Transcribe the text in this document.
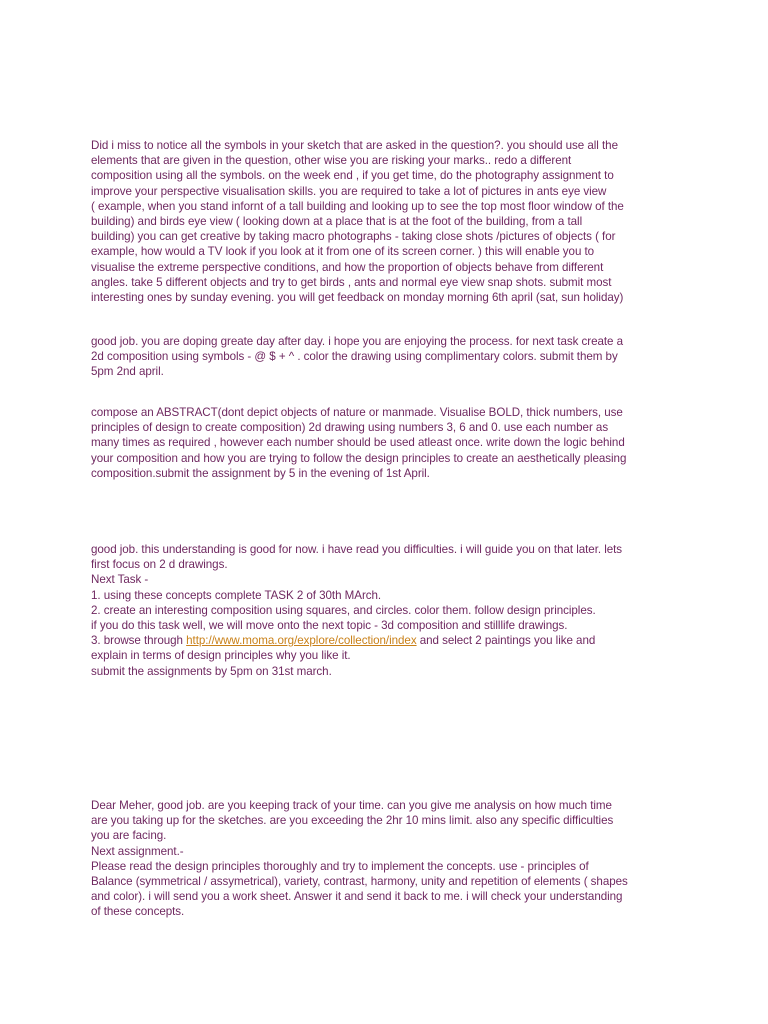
Did i miss to notice all the symbols in your sketch that are asked in the question?. you should use all the
elements that are given in the question, other wise you are risking your marks.. redo a different
composition using all the symbols. on the week end , if you get time, do the photography assignment to
improve your perspective visualisation skills. you are required to take a lot of pictures in ants eye view
( example, when you stand infornt of a tall building and looking up to see the top most floor window of the
building) and birds eye view ( looking down at a place that is at the foot of the building, from a tall
building) you can get creative by taking macro photographs - taking close shots /pictures of objects ( for
example, how would a TV look if you look at it from one of its screen corner. ) this will enable you to
visualise the extreme perspective conditions, and how the proportion of objects behave from different
angles. take 5 different objects and try to get birds , ants and normal eye view snap shots. submit most
interesting ones by sunday evening. you will get feedback on monday morning 6th april (sat, sun holiday)

good job. you are doping greate day after day. i hope you are enjoying the process. for next task create a
2d composition using symbols - @ $ + ^ . color the drawing using complimentary colors. submit them by
5pm 2nd april.

compose an ABSTRACT(dont depict objects of nature or manmade. Visualise BOLD, thick numbers, use
principles of design to create composition) 2d drawing using numbers 3, 6 and 0. use each number as
many times as required , however each number should be used atleast once. write down the logic behind
your composition and how you are trying to follow the design principles to create an aesthetically pleasing
composition.submit the assignment by 5 in the evening of 1st April.

good job. this understanding is good for now. i have read you difficulties. i will guide you on that later. lets
first focus on 2 d drawings.
Next Task -
1. using these concepts complete TASK 2 of 30th MArch.
2. create an interesting composition using squares, and circles. color them. follow design principles.
if you do this task well, we will move onto the next topic - 3d composition and stilllife drawings.
3. browse through http://www.moma.org/explore/collection/index and select 2 paintings you like and
explain in terms of design principles why you like it.
submit the assignments by 5pm on 31st march.

Dear Meher, good job. are you keeping track of your time. can you give me analysis on how much time
are you taking up for the sketches. are you exceeding the 2hr 10 mins limit. also any specific difficulties
you are facing.
Next assignment.-
Please read the design principles thoroughly and try to implement the concepts. use - principles of
Balance (symmetrical / assymetrical), variety, contrast, harmony, unity and repetition of elements ( shapes
and color). i will send you a work sheet. Answer it and send it back to me. i will check your understanding
of these concepts.
